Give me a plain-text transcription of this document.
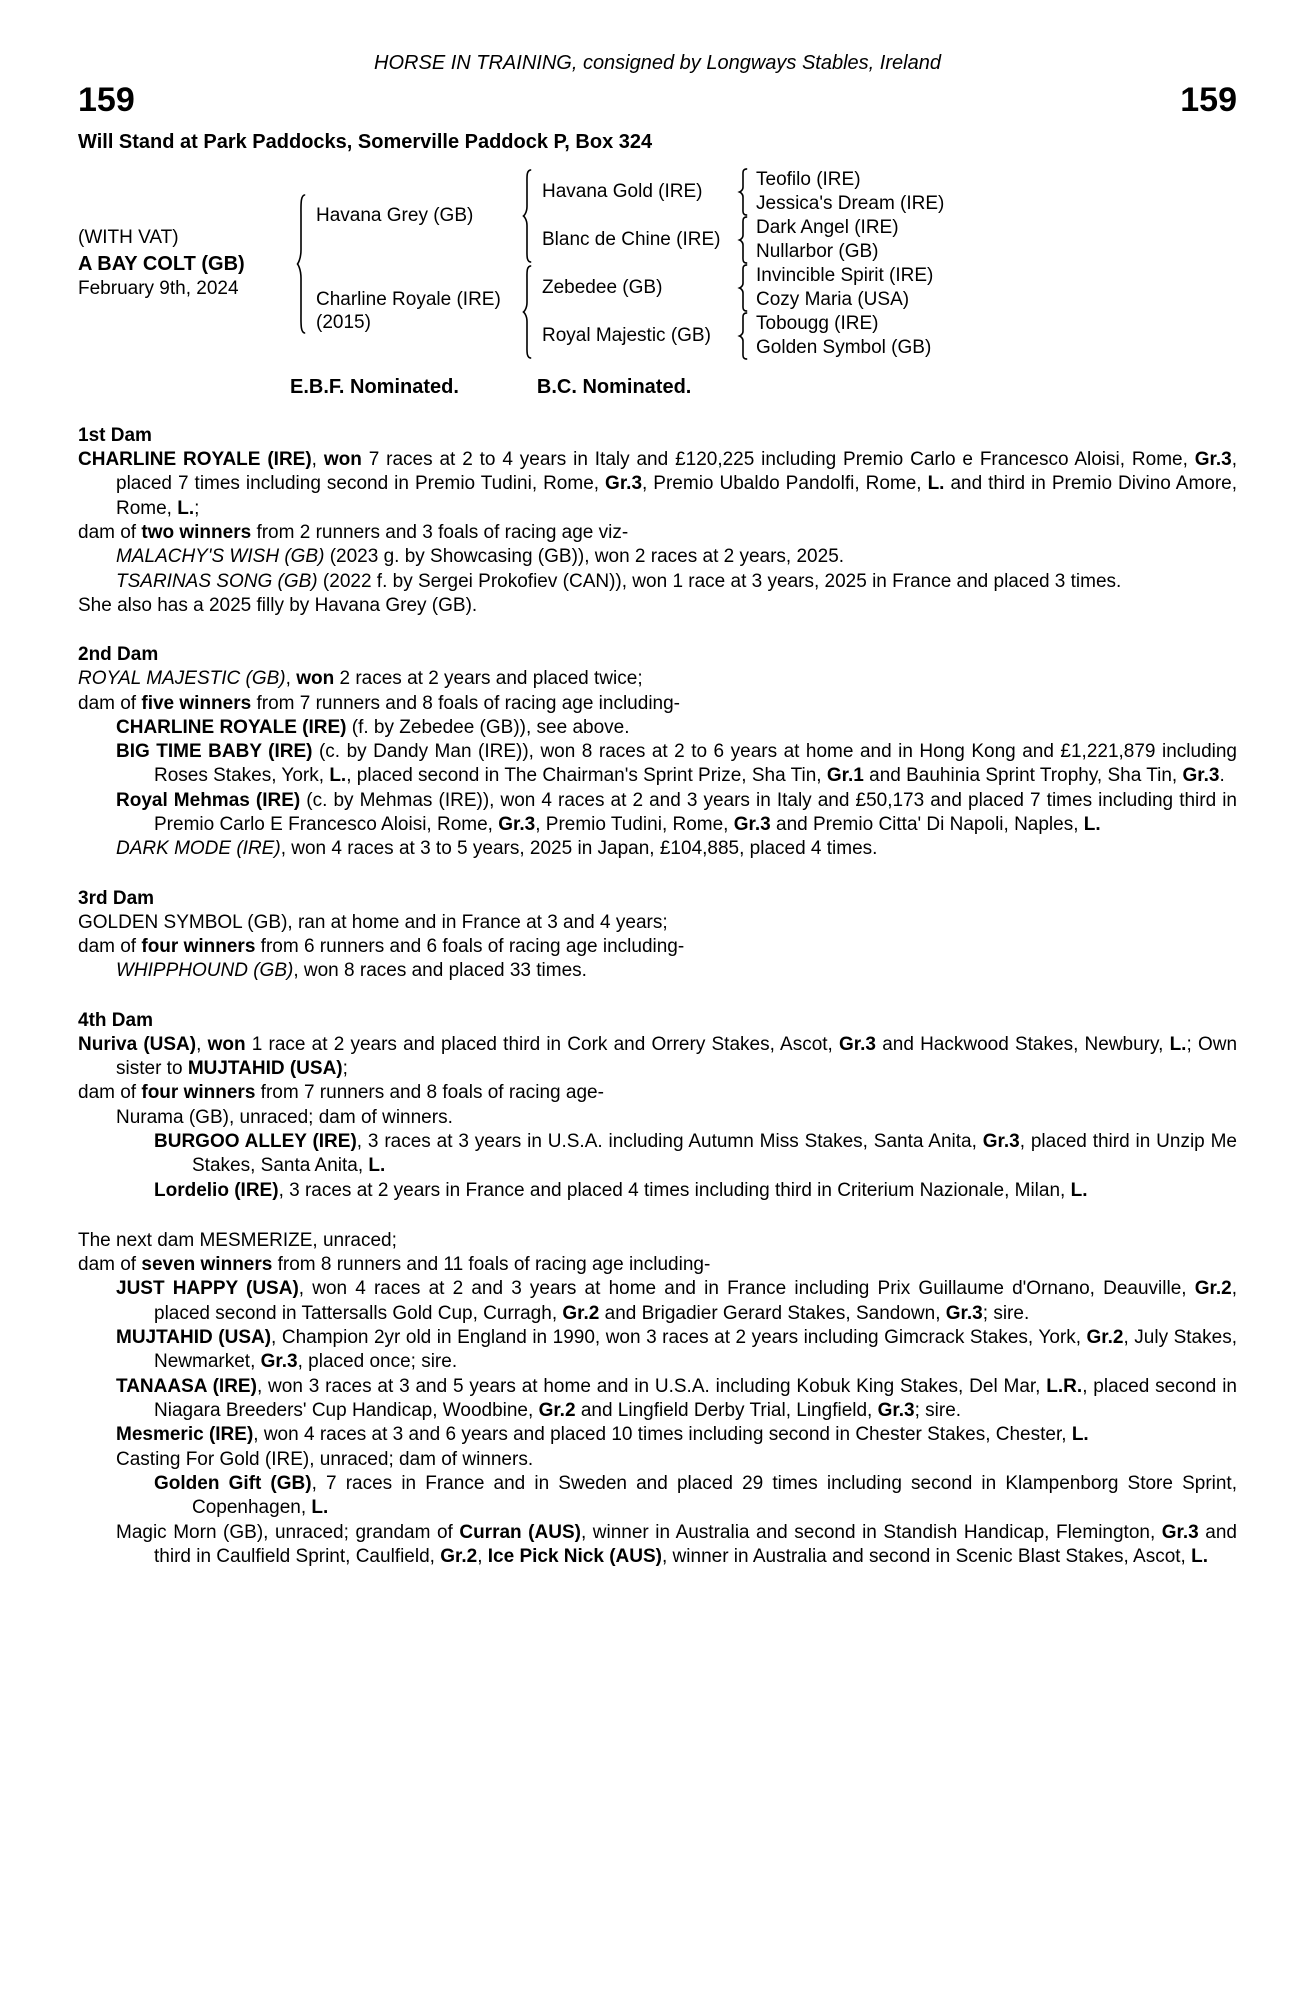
HORSE IN TRAINING, consigned by Longways Stables, Ireland
159	159
Will Stand at Park Paddocks, Somerville Paddock P, Box 324
(WITH VAT)
A BAY COLT (GB)
February 9th, 2024
Havana Grey (GB)
Charline Royale (IRE)
(2015)
Havana Gold (IRE)
Blanc de Chine (IRE)
Zebedee (GB)
Royal Majestic (GB)
Teofilo (IRE)
Jessica's Dream (IRE)
Dark Angel (IRE)
Nullarbor (GB)
Invincible Spirit (IRE)
Cozy Maria (USA)
Tobougg (IRE)
Golden Symbol (GB)
E.B.F. Nominated.	B.C. Nominated.
1st Dam

CHARLINE ROYALE (IRE), won 7 races at 2 to 4 years in Italy and £120,225 including Premio Carlo e Francesco Aloisi, Rome, Gr.3, placed 7 times including second in Premio Tudini, Rome, Gr.3, Premio Ubaldo Pandolfi, Rome, L. and third in Premio Divino Amore, Rome, L.;

dam of two winners from 2 runners and 3 foals of racing age viz-

MALACHY'S WISH (GB) (2023 g. by Showcasing (GB)), won 2 races at 2 years, 2025.

TSARINAS SONG (GB) (2022 f. by Sergei Prokofiev (CAN)), won 1 race at 3 years, 2025 in France and placed 3 times.

She also has a 2025 filly by Havana Grey (GB).

2nd Dam

ROYAL MAJESTIC (GB), won 2 races at 2 years and placed twice;

dam of five winners from 7 runners and 8 foals of racing age including-

CHARLINE ROYALE (IRE) (f. by Zebedee (GB)), see above.

BIG TIME BABY (IRE) (c. by Dandy Man (IRE)), won 8 races at 2 to 6 years at home and in Hong Kong and £1,221,879 including Roses Stakes, York, L., placed second in The Chairman's Sprint Prize, Sha Tin, Gr.1 and Bauhinia Sprint Trophy, Sha Tin, Gr.3.

Royal Mehmas (IRE) (c. by Mehmas (IRE)), won 4 races at 2 and 3 years in Italy and £50,173 and placed 7 times including third in Premio Carlo E Francesco Aloisi, Rome, Gr.3, Premio Tudini, Rome, Gr.3 and Premio Citta' Di Napoli, Naples, L.

DARK MODE (IRE), won 4 races at 3 to 5 years, 2025 in Japan, £104,885, placed 4 times.

3rd Dam

GOLDEN SYMBOL (GB), ran at home and in France at 3 and 4 years;

dam of four winners from 6 runners and 6 foals of racing age including-

WHIPPHOUND (GB), won 8 races and placed 33 times.

4th Dam

Nuriva (USA), won 1 race at 2 years and placed third in Cork and Orrery Stakes, Ascot, Gr.3 and Hackwood Stakes, Newbury, L.; Own sister to MUJTAHID (USA);

dam of four winners from 7 runners and 8 foals of racing age-

Nurama (GB), unraced; dam of winners.

BURGOO ALLEY (IRE), 3 races at 3 years in U.S.A. including Autumn Miss Stakes, Santa Anita, Gr.3, placed third in Unzip Me Stakes, Santa Anita, L.

Lordelio (IRE), 3 races at 2 years in France and placed 4 times including third in Criterium Nazionale, Milan, L.

The next dam MESMERIZE, unraced;

dam of seven winners from 8 runners and 11 foals of racing age including-

JUST HAPPY (USA), won 4 races at 2 and 3 years at home and in France including Prix Guillaume d'Ornano, Deauville, Gr.2, placed second in Tattersalls Gold Cup, Curragh, Gr.2 and Brigadier Gerard Stakes, Sandown, Gr.3; sire.

MUJTAHID (USA), Champion 2yr old in England in 1990, won 3 races at 2 years including Gimcrack Stakes, York, Gr.2, July Stakes, Newmarket, Gr.3, placed once; sire.

TANAASA (IRE), won 3 races at 3 and 5 years at home and in U.S.A. including Kobuk King Stakes, Del Mar, L.R., placed second in Niagara Breeders' Cup Handicap, Woodbine, Gr.2 and Lingfield Derby Trial, Lingfield, Gr.3; sire.

Mesmeric (IRE), won 4 races at 3 and 6 years and placed 10 times including second in Chester Stakes, Chester, L.

Casting For Gold (IRE), unraced; dam of winners.

Golden Gift (GB), 7 races in France and in Sweden and placed 29 times including second in Klampenborg Store Sprint, Copenhagen, L.

Magic Morn (GB), unraced; grandam of Curran (AUS), winner in Australia and second in Standish Handicap, Flemington, Gr.3 and third in Caulfield Sprint, Caulfield, Gr.2, Ice Pick Nick (AUS), winner in Australia and second in Scenic Blast Stakes, Ascot, L.
